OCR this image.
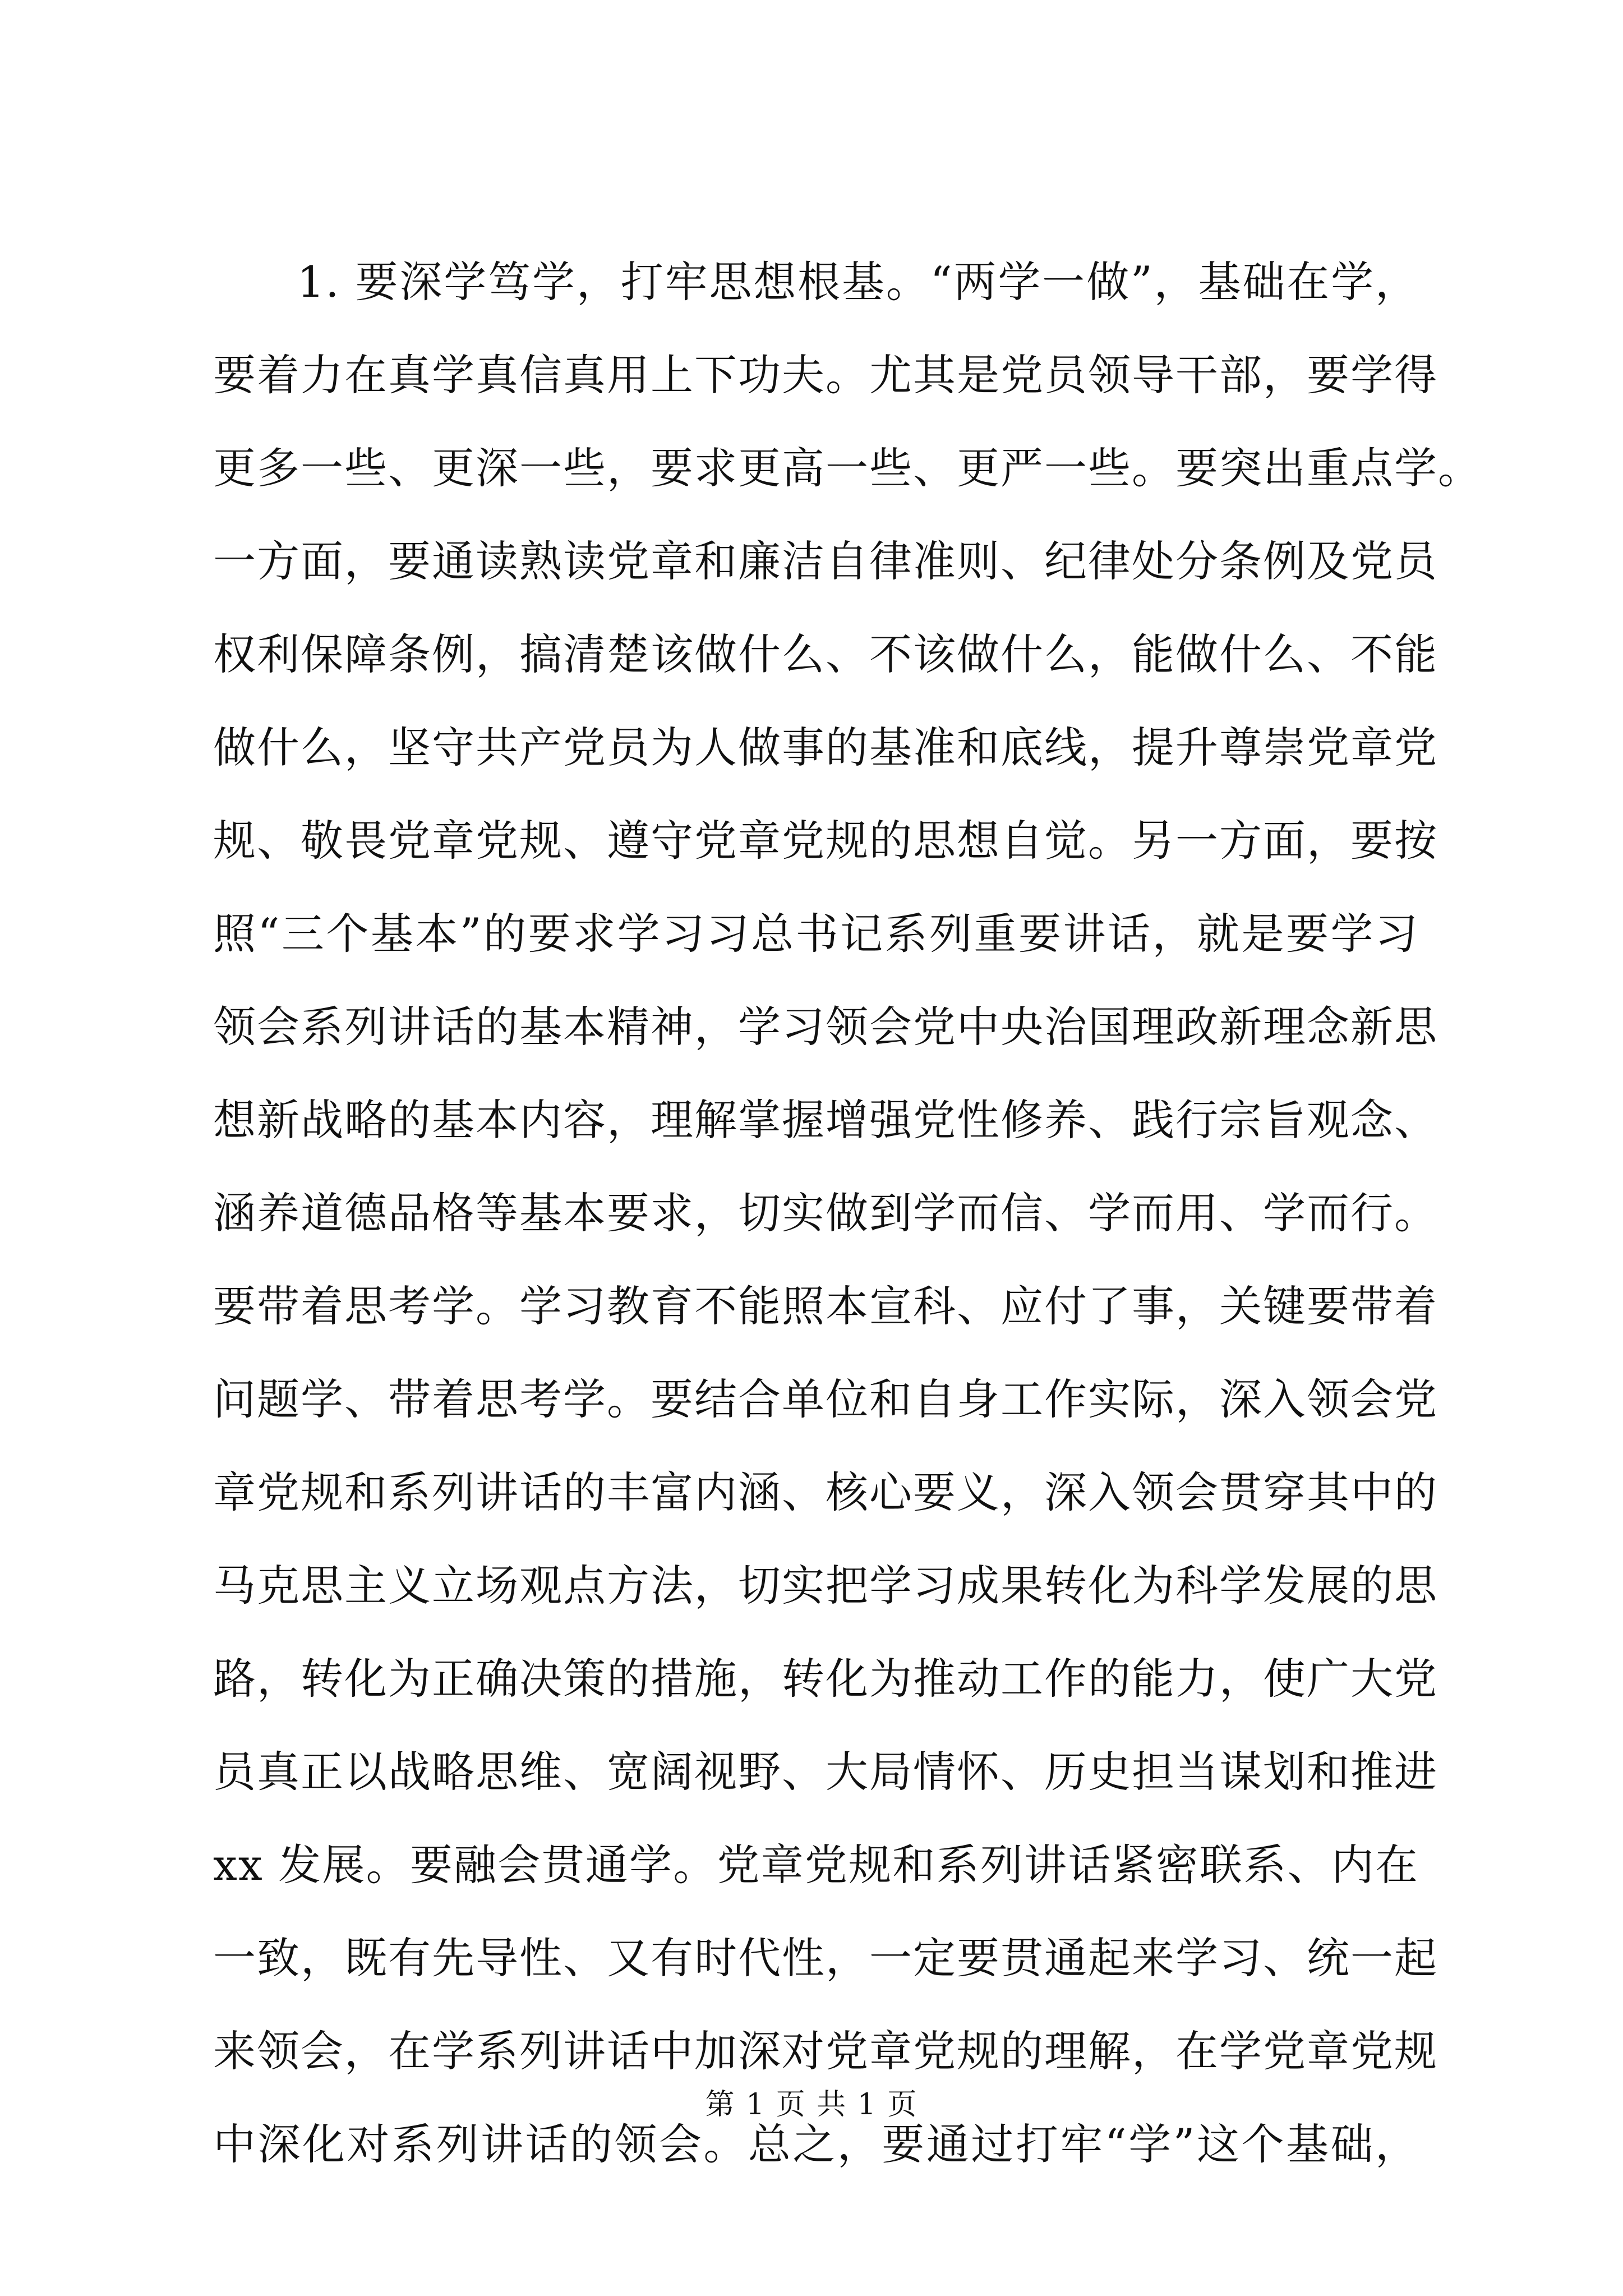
1. 要深学笃学，打牢思想根基。“两学一做”，基础在学，
要着力在真学真信真用上下功夫。尤其是党员领导干部，要学得
更多一些、更深一些，要求更高一些、更严一些。要突出重点学。
一方面，要通读熟读党章和廉洁自律准则、纪律处分条例及党员
权利保障条例，搞清楚该做什么、不该做什么，能做什么、不能
做什么，坚守共产党员为人做事的基准和底线，提升尊崇党章党
规、敬畏党章党规、遵守党章党规的思想自觉。另一方面，要按
照“三个基本”的要求学习习总书记系列重要讲话，就是要学习
领会系列讲话的基本精神，学习领会党中央治国理政新理念新思
想新战略的基本内容，理解掌握增强党性修养、践行宗旨观念、
涵养道德品格等基本要求，切实做到学而信、学而用、学而行。
要带着思考学。学习教育不能照本宣科、应付了事，关键要带着
问题学、带着思考学。要结合单位和自身工作实际，深入领会党
章党规和系列讲话的丰富内涵、核心要义，深入领会贯穿其中的
马克思主义立场观点方法，切实把学习成果转化为科学发展的思
路，转化为正确决策的措施，转化为推动工作的能力，使广大党
员真正以战略思维、宽阔视野、大局情怀、历史担当谋划和推进
xx 发展。要融会贯通学。党章党规和系列讲话紧密联系、内在
一致，既有先导性、又有时代性，一定要贯通起来学习、统一起
来领会，在学系列讲话中加深对党章党规的理解，在学党章党规
中深化对系列讲话的领会。总之，要通过打牢“学”这个基础，
第 1 页 共 1 页
